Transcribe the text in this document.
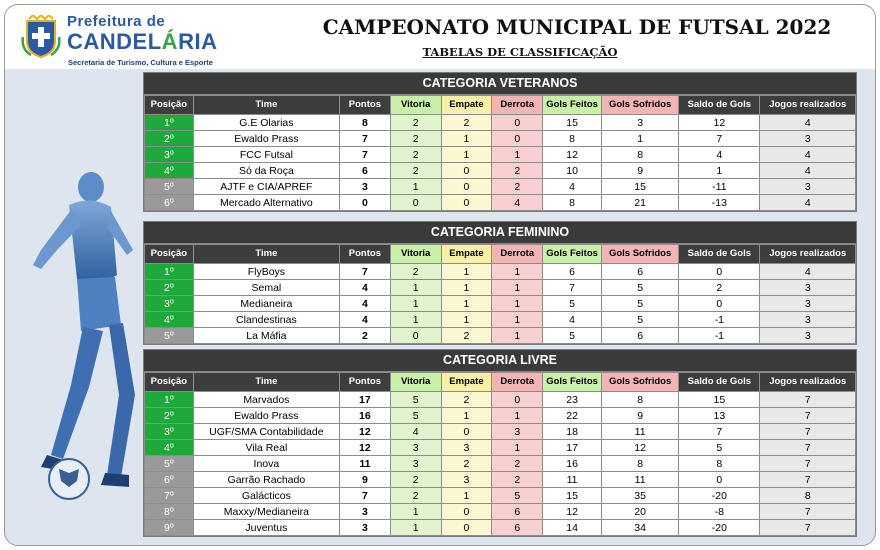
Prefeitura de
CANDELÁRIA
Secretaria de Turismo, Cultura e Esporte
CAMPEONATO MUNICIPAL DE FUTSAL 2022
TABELAS DE CLASSIFICAÇÃO
CATEGORIA VETERANOS
Posição	Time	Pontos	Vitoria	Empate	Derrota	Gols Feitos	Gols Sofridos	Saldo de Gols	Jogos realizados
1º	G.E Olarias	8	2	2	0	15	3	12	4
2º	Ewaldo Prass	7	2	1	0	8	1	7	3
3º	FCC Futsal	7	2	1	1	12	8	4	4
4º	Só da Roça	6	2	0	2	10	9	1	4
5º	AJTF e CIA/APREF	3	1	0	2	4	15	-11	3
6º	Mercado Alternativo	0	0	0	4	8	21	-13	4
CATEGORIA FEMININO
Posição	Time	Pontos	Vitoria	Empate	Derrota	Gols Feitos	Gols Sofridos	Saldo de Gols	Jogos realizados
1º	FlyBoys	7	2	1	1	6	6	0	4
2º	Semal	4	1	1	1	7	5	2	3
3º	Medianeira	4	1	1	1	5	5	0	3
4º	Clandestinas	4	1	1	1	4	5	-1	3
5º	La Máfia	2	0	2	1	5	6	-1	3
CATEGORIA LIVRE
Posição	Time	Pontos	Vitoria	Empate	Derrota	Gols Feitos	Gols Sofridos	Saldo de Gols	Jogos realizados
1º	Marvados	17	5	2	0	23	8	15	7
2º	Ewaldo Prass	16	5	1	1	22	9	13	7
3º	UGF/SMA Contabilidade	12	4	0	3	18	11	7	7
4º	Vila Real	12	3	3	1	17	12	5	7
5º	Inova	11	3	2	2	16	8	8	7
6º	Garrão Rachado	9	2	3	2	11	11	0	7
7º	Galácticos	7	2	1	5	15	35	-20	8
8º	Maxxy/Medianeira	3	1	0	6	12	20	-8	7
9º	Juventus	3	1	0	6	14	34	-20	7
